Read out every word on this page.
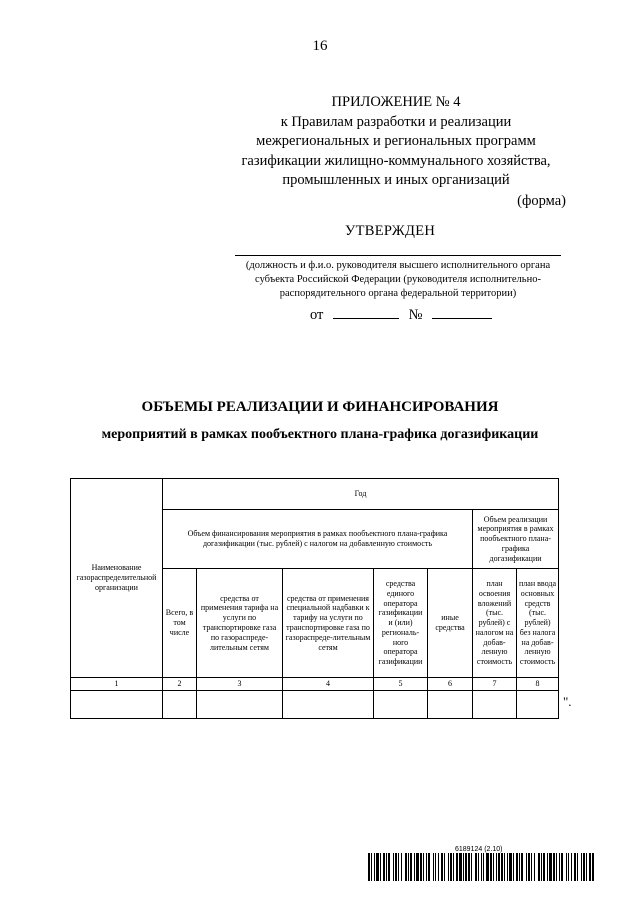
16
ПРИЛОЖЕНИЕ № 4
к Правилам разработки и реализации
межрегиональных и региональных программ
газификации жилищно-коммунального хозяйства,
промышленных и иных организаций
(форма)
УТВЕРЖДЕН
(должность и ф.и.о. руководителя высшего исполнительного органа
субъекта Российской Федерации (руководителя исполнительно-
распорядительного органа федеральной территории)
от	№
ОБЪЕМЫ РЕАЛИЗАЦИИ И ФИНАНСИРОВАНИЯ
мероприятий в рамках пообъектного плана-графика догазификации
Наименование газораспределительной организации	Год						
	Объем финансирования мероприятия в рамках пообъектного плана-графика догазификации (тыс. рублей) с налогом на добавленную стоимость					Объем реализации мероприятия в рамках пообъектного плана-графика догазификации	
	Всего, в том числе	средства от применения тарифа на услуги по транспортировке газа по газораспреде-лительным сетям	средства от применения специальной надбавки к тарифу на услуги по транспортировке газа по газораспреде-лительным сетям	средства единого оператора газификации и (или) региональ-ного оператора газификации	иные средства	план освоения вложений (тыс. рублей) с налогом на добав-ленную стоимость	план ввода основных средств (тыс. рублей) без налога на добав-ленную стоимость
1	2	3	4	5	6	7	8

".
6189124 (2.10)
